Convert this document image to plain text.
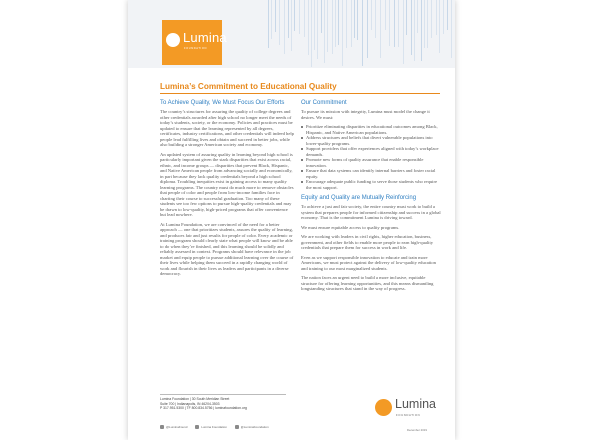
Lumina
FOUNDATION
Lumina’s Commitment to Educational Quality
To Achieve Quality, We Must Focus Our Efforts

The country’s structures for assuring the quality of college degrees and other credentials awarded after high school no longer meet the needs of today’s students, society, or the economy. Policies and practices must be updated to ensure that the learning represented by all degrees, certificates, industry certifications, and other credentials will indeed help people lead fulfilling lives and obtain and succeed in better jobs, while also building a stronger American society and economy.

An updated system of assuring quality in learning beyond high school is particularly important given the stark disparities that exist across racial, ethnic, and income groups — disparities that prevent Black, Hispanic, and Native American people from advancing socially and economically, in part because they lack quality credentials beyond a high school diploma. Troubling inequities exist in gaining access to many quality learning programs. The country must do much more to remove obstacles that people of color and people from low-income families face in charting their course to successful graduation. Too many of these students see too few options to pursue high-quality credentials and may be drawn to low-quality, high-priced programs that offer convenience but lead nowhere.

At Lumina Foundation, we are convinced of the need for a better approach — one that prioritizes students, assures the quality of learning, and produces fair and just results for people of color. Every academic or training program should clearly state what people will know and be able to do when they’re finished, and this learning should be solidly and reliably assessed in context. Programs should have relevance in the job market and equip people to pursue additional learning over the course of their lives while helping them succeed in a rapidly changing world of work and flourish in their lives as leaders and participants in a diverse democracy.

Our Commitment

To pursue its mission with integrity, Lumina must model the change it desires. We must:

Prioritize eliminating disparities in educational outcomes among Black, Hispanic, and Native American populations.
Address structures and beliefs that divert vulnerable populations into lower-quality programs.
Support providers that offer experiences aligned with today’s workplace demands.
Promote new forms of quality assurance that enable responsible innovation.
Ensure that data systems can identify internal barriers and foster racial equity.
Encourage adequate public funding to serve those students who require the most support.
Equity and Quality are Mutually Reinforcing

To achieve a just and fair society, the entire country must work to build a system that prepares people for informed citizenship and success in a global economy. That is the commitment Lumina is driving toward.

We must ensure equitable access to quality programs.

We are working with leaders in civil rights, higher education, business, government, and other fields to enable more people to earn high-quality credentials that prepare them for success in work and life.

Even as we support responsible innovation to educate and train more Americans, we must protect against the delivery of low-quality education and training to our most marginalized students.

The nation faces an urgent need to build a more inclusive, equitable structure for offering learning opportunities, and this means dismantling longstanding structures that stand in the way of progress.

Lumina Foundation | 30 South Meridian Street
Suite 700 | Indianapolis, IN 46204-3503
P 317.951.5300 | TF 800.834.5756 | luminafoundation.org
@LuminaFound	Lumina Foundation	@LuminaFoundation
Lumina
FOUNDATION
December 2019
